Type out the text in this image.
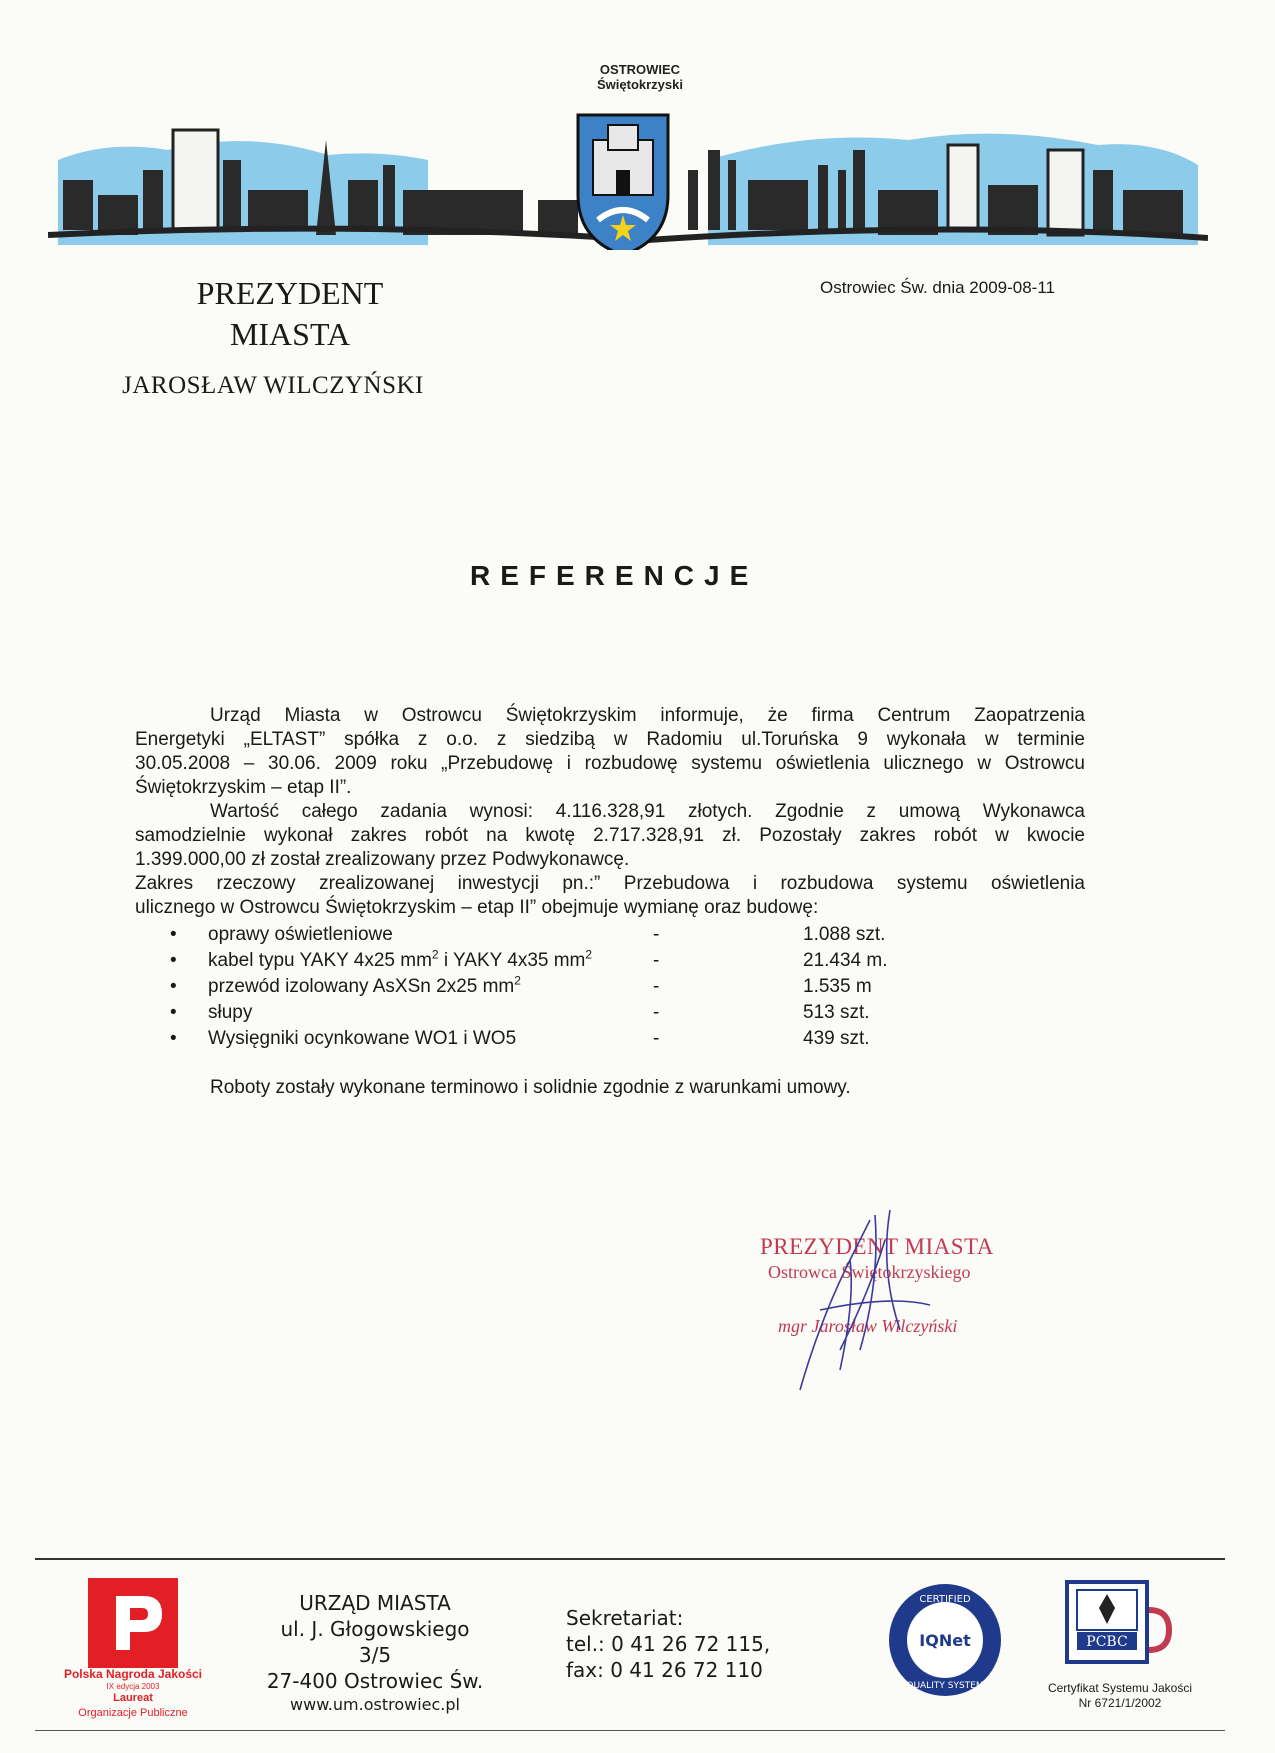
OSTROWIEC
Świętokrzyski
PREZYDENT
MIASTA
JAROSŁAW WILCZYŃSKI
Ostrowiec Św. dnia 2009-08-11
REFERENCJE
Urząd Miasta w Ostrowcu Świętokrzyskim informuje, że firma Centrum Zaopatrzenia
Energetyki „ELTAST” spółka z o.o. z siedzibą w Radomiu ul.Toruńska 9 wykonała w terminie
30.05.2008 – 30.06. 2009 roku „Przebudowę i rozbudowę systemu oświetlenia ulicznego w Ostrowcu
Świętokrzyskim – etap II”.
Wartość całego zadania wynosi: 4.116.328,91 złotych. Zgodnie z umową Wykonawca
samodzielnie wykonał zakres robót na kwotę 2.717.328,91 zł. Pozostały zakres robót w kwocie
1.399.000,00 zł został zrealizowany przez Podwykonawcę.
Zakres rzeczowy zrealizowanej inwestycji pn.:” Przebudowa i rozbudowa systemu oświetlenia
ulicznego w Ostrowcu Świętokrzyskim – etap II” obejmuje wymianę oraz budowę:
• oprawy oświetleniowe	-	1.088 szt.
• kabel typu YAKY 4x25 $mm^2$ i YAKY 4x35 $mm^2$	-	21.434 m.
• przewód izolowany AsXSn 2x25 $mm^2$	-	1.535 m
• słupy	-	513 szt.
• Wysięgniki ocynkowane WO1 i WO5	-	439 szt.
Roboty zostały wykonane terminowo i solidnie zgodnie z warunkami umowy.
PREZYDENT MIASTA
Ostrowca Świętokrzyskiego
mgr Jarosław Wilczyński
Polska Nagroda Jakości
IX edycja 2003
Laureat
Organizacje Publiczne
URZĄD MIASTA
ul. J. Głogowskiego 3/5
27-400 Ostrowiec Św.
www.um.ostrowiec.pl
Sekretariat:
tel.: 0 41 26 72 115,
fax: 0 41 26 72 110
CERTIFIED
IQNet
QUALITY SYSTEM
PCBC
Certyfikat Systemu Jakości
Nr 6721/1/2002
